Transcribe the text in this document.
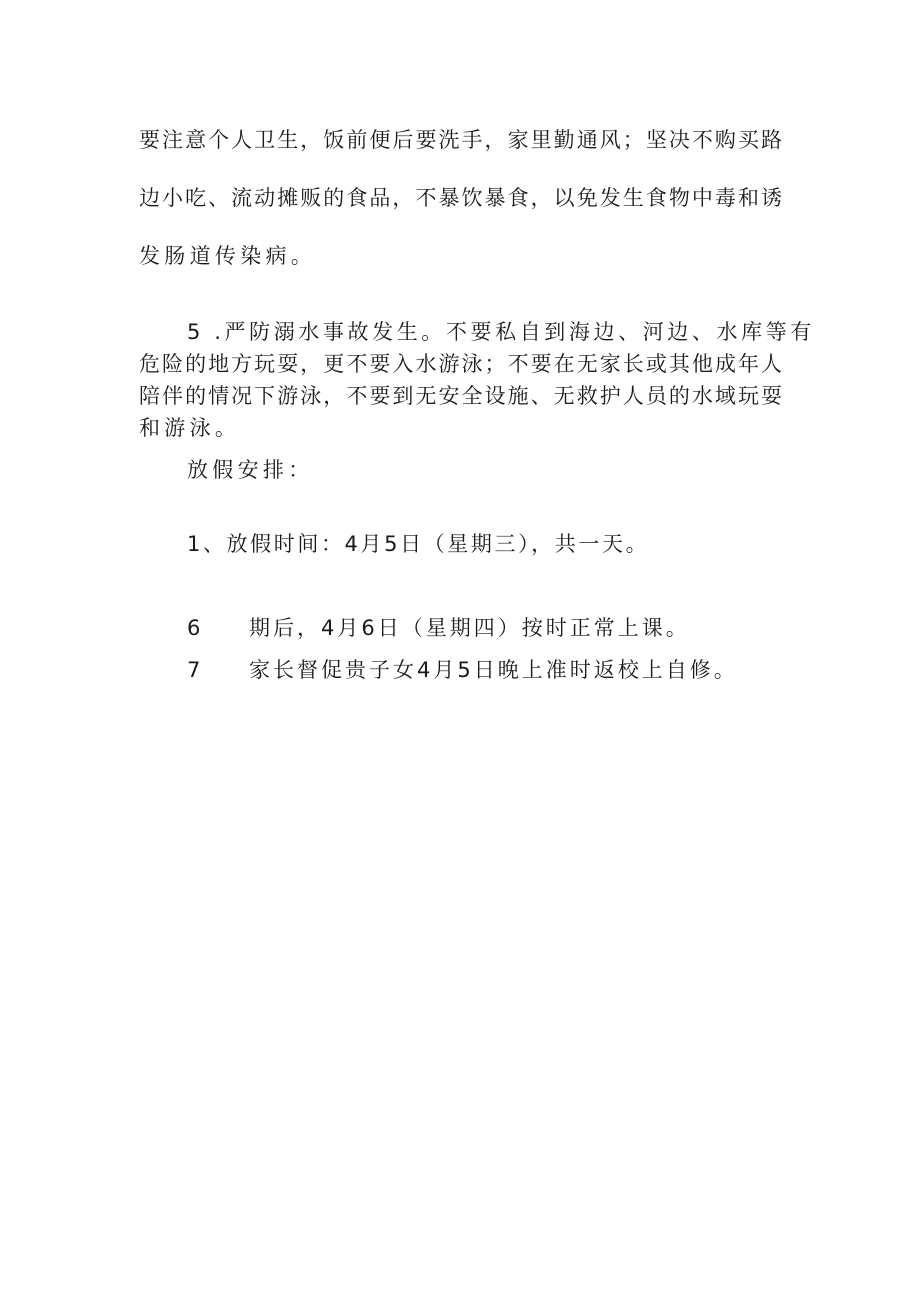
要注意个人卫生，饭前便后要洗手，家里勤通风；坚决不购买路
边小吃、流动摊贩的食品，不暴饮暴食，以免发生食物中毒和诱
发肠道传染病。
5 .严防溺水事故发生。不要私自到海边、河边、水库等有
危险的地方玩耍，更不要入水游泳；不要在无家长或其他成年人
陪伴的情况下游泳，不要到无安全设施、无救护人员的水域玩耍
和游泳。
放假安排：
1、放假时间：4月5日（星期三），共一天。
6 期后，4月6日（星期四）按时正常上课。
7 家长督促贵子女4月5日晚上准时返校上自修。
